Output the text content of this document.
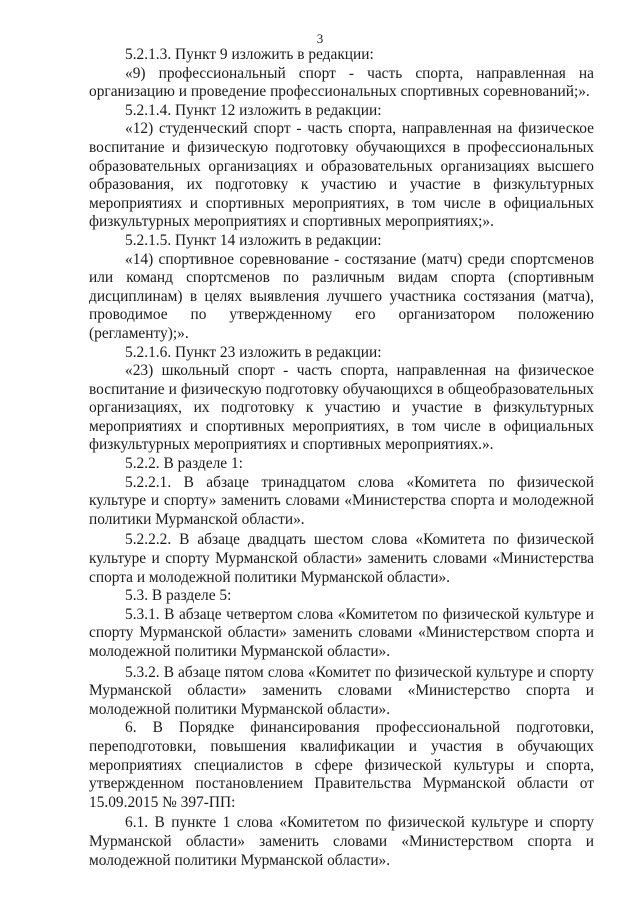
3

5.2.1.3. Пункт 9 изложить в редакции:

«9) профессиональный спорт - часть спорта, направленная на организацию и проведение профессиональных спортивных соревнований;».

5.2.1.4. Пункт 12 изложить в редакции:

«12) студенческий спорт - часть спорта, направленная на физическое воспитание и физическую подготовку обучающихся в профессиональных образовательных организациях и образовательных организациях высшего образования, их подготовку к участию и участие в физкультурных мероприятиях и спортивных мероприятиях, в том числе в официальных физкультурных мероприятиях и спортивных мероприятиях;».

5.2.1.5. Пункт 14 изложить в редакции:

«14) спортивное соревнование - состязание (матч) среди спортсменов или команд спортсменов по различным видам спорта (спортивным дисциплинам) в целях выявления лучшего участника состязания (матча), проводимое по утвержденному его организатором положению (регламенту);».

5.2.1.6. Пункт 23 изложить в редакции:

«23) школьный спорт - часть спорта, направленная на физическое воспитание и физическую подготовку обучающихся в общеобразовательных организациях, их подготовку к участию и участие в физкультурных мероприятиях и спортивных мероприятиях, в том числе в официальных физкультурных мероприятиях и спортивных мероприятиях.».

5.2.2. В разделе 1:

5.2.2.1. В абзаце тринадцатом слова «Комитета по физической культуре и спорту» заменить словами «Министерства спорта и молодежной политики Мурманской области».

5.2.2.2. В абзаце двадцать шестом слова «Комитета по физической культуре и спорту Мурманской области» заменить словами «Министерства спорта и молодежной политики Мурманской области».

5.3. В разделе 5:

5.3.1. В абзаце четвертом слова «Комитетом по физической культуре и спорту Мурманской области» заменить словами «Министерством спорта и молодежной политики Мурманской области».

5.3.2. В абзаце пятом слова «Комитет по физической культуре и спорту Мурманской области» заменить словами «Министерство спорта и молодежной политики Мурманской области».

6. В Порядке финансирования профессиональной подготовки, переподготовки, повышения квалификации и участия в обучающих мероприятиях специалистов в сфере физической культуры и спорта, утвержденном постановлением Правительства Мурманской области от 15.09.2015 № 397-ПП:

6.1. В пункте 1 слова «Комитетом по физической культуре и спорту Мурманской области» заменить словами «Министерством спорта и молодежной политики Мурманской области».
